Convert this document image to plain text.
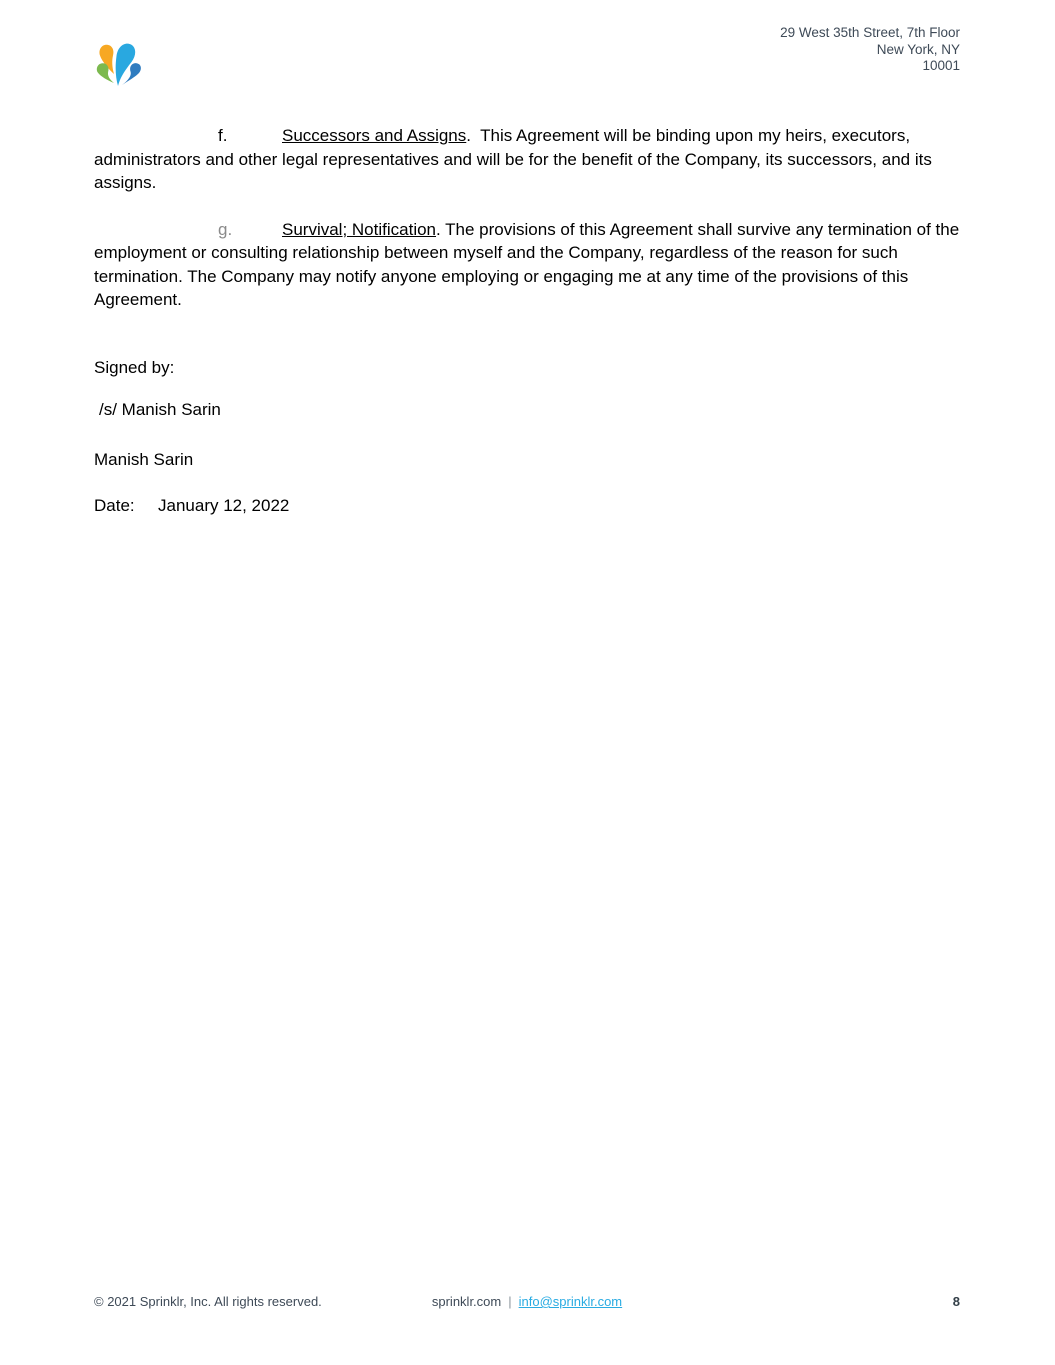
29 West 35th Street, 7th Floor
New York, NY
10001

f.	Successors and Assigns.  This Agreement will be binding upon my heirs, executors, administrators and other legal representatives and will be for the benefit of the Company, its successors, and its assigns.

g.	Survival; Notification. The provisions of this Agreement shall survive any termination of the employment or consulting relationship between myself and the Company, regardless of the reason for such termination. The Company may notify anyone employing or engaging me at any time of the provisions of this Agreement.

Signed by:

/s/ Manish Sarin

Manish Sarin

Date: January 12, 2022

© 2021 Sprinklr, Inc. All rights reserved.	sprinklr.com | info@sprinklr.com	8
